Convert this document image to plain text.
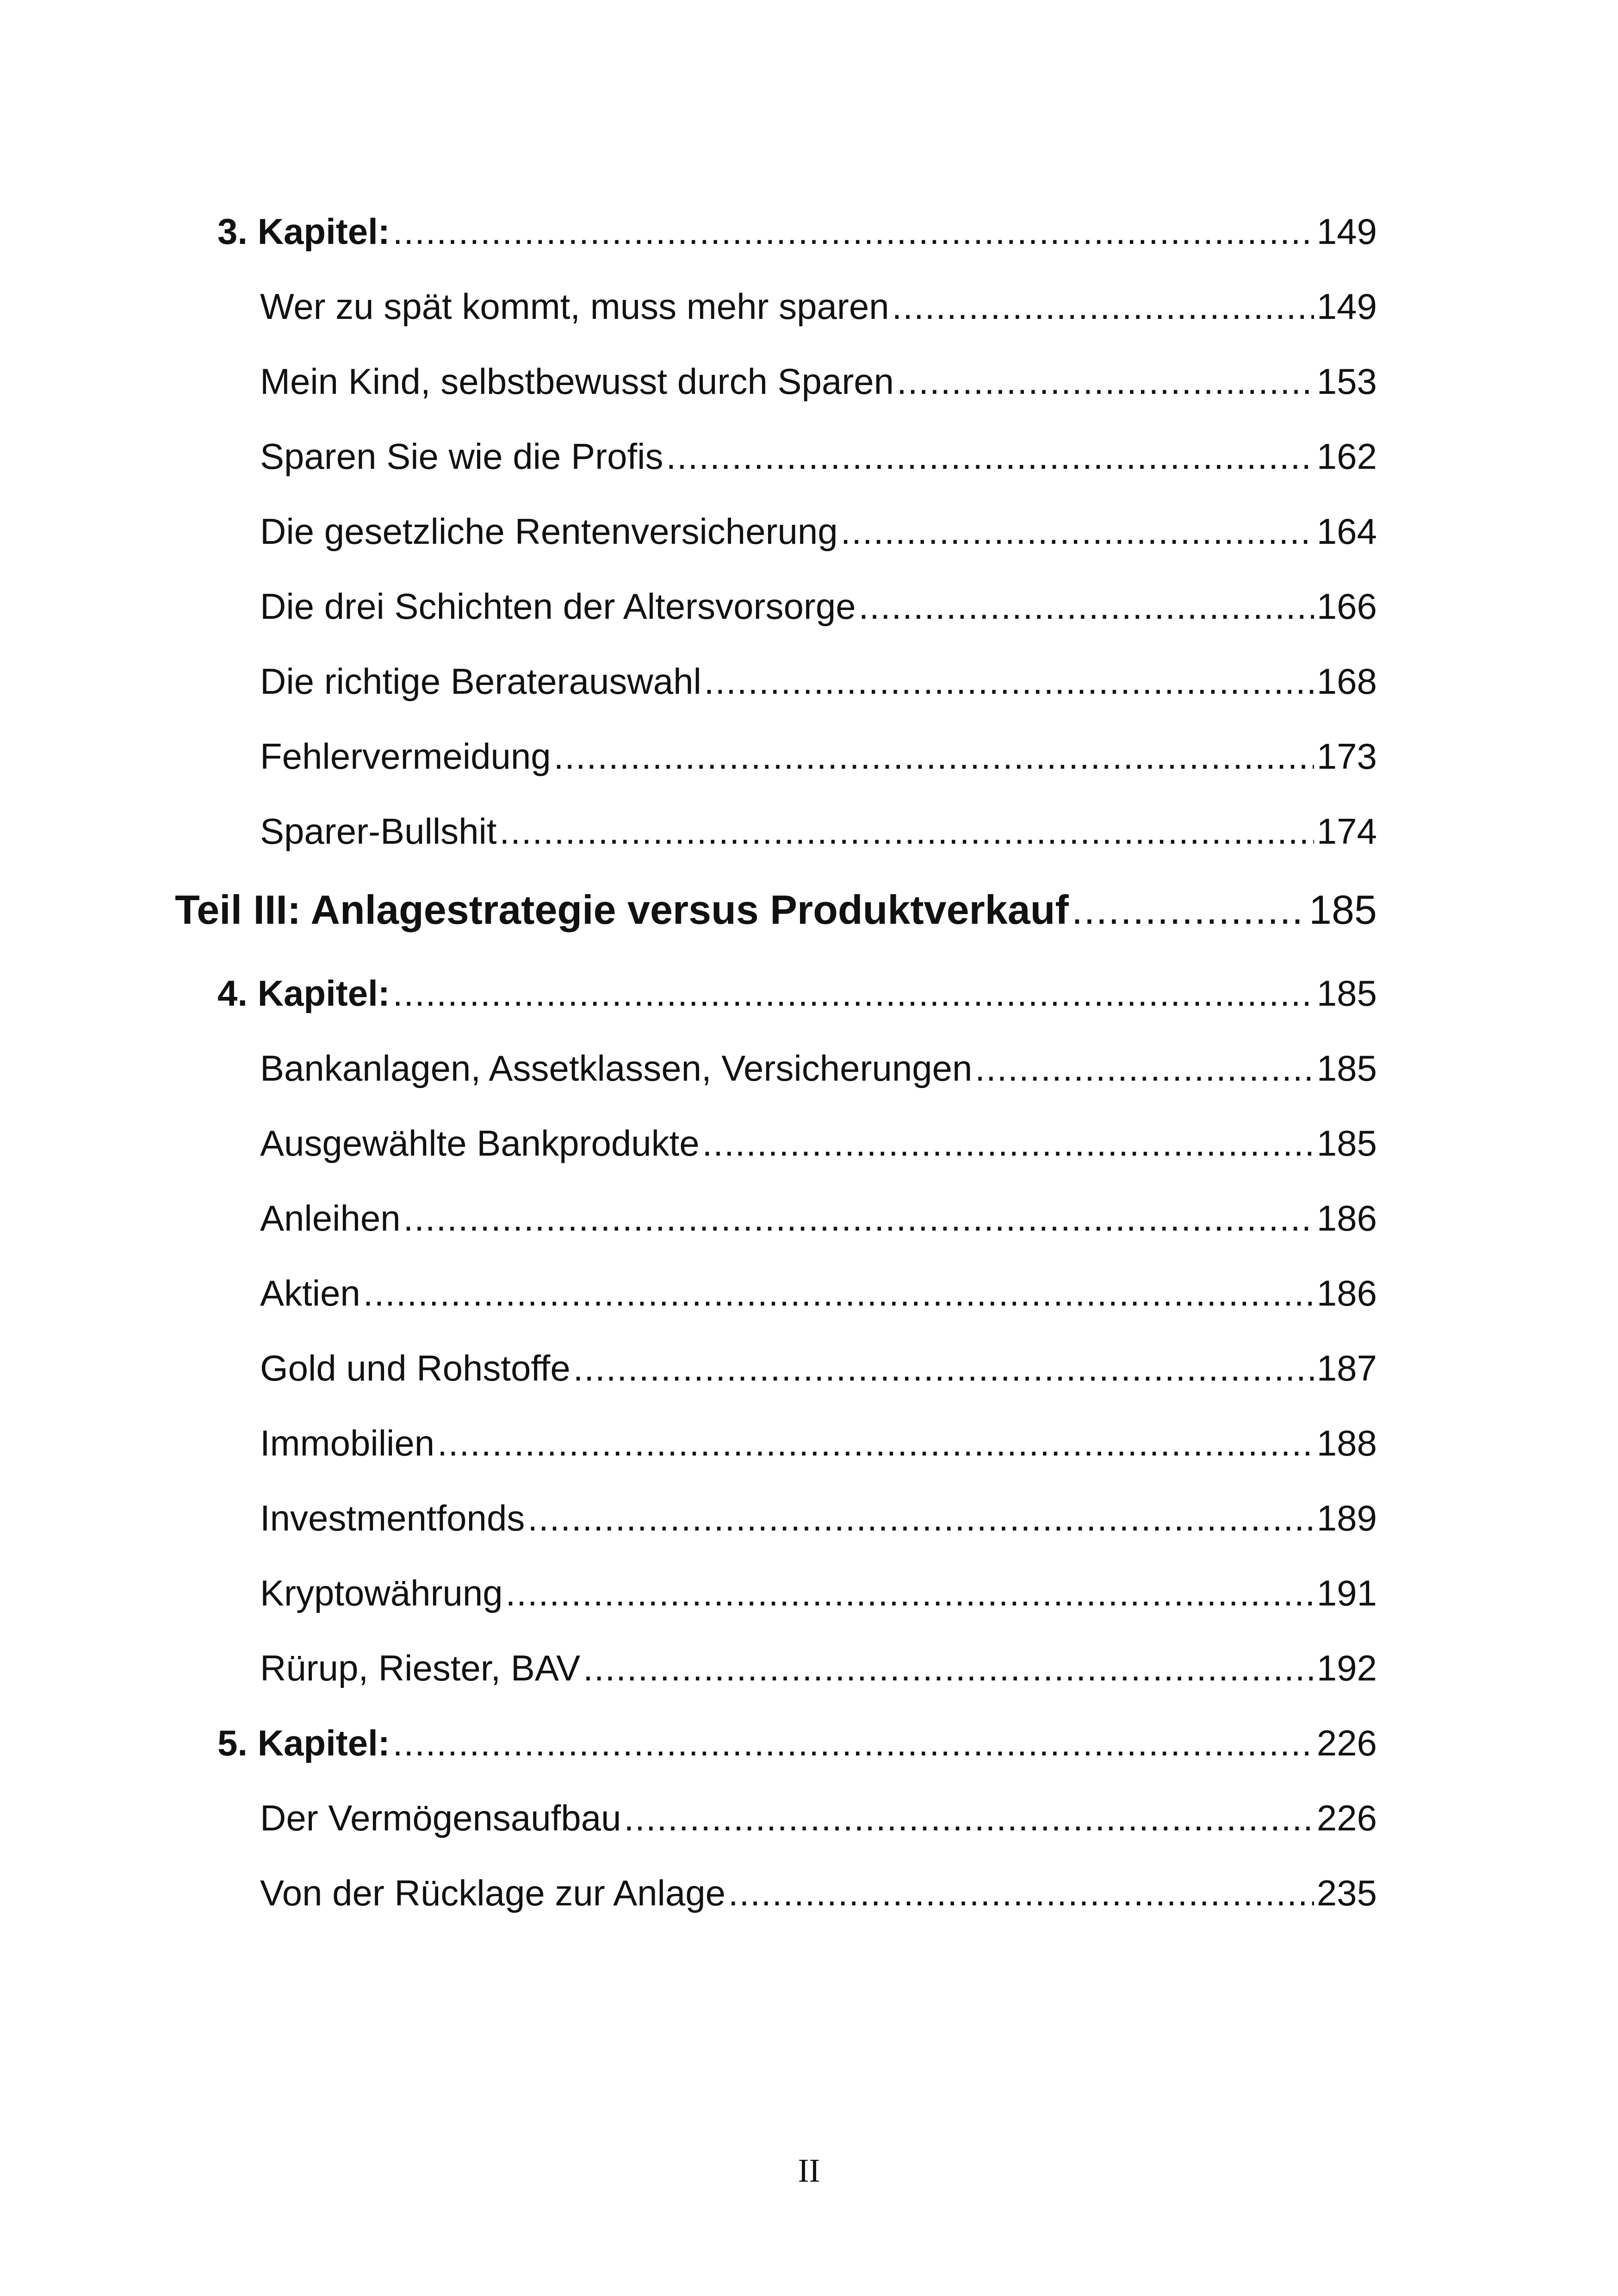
3. Kapitel: .....	149
Wer zu spät kommt, muss mehr sparen .....	149
Mein Kind, selbstbewusst durch Sparen .....	153
Sparen Sie wie die Profis .....	162
Die gesetzliche Rentenversicherung .....	164
Die drei Schichten der Altersvorsorge .....	166
Die richtige Beraterauswahl .....	168
Fehlervermeidung .....	173
Sparer-Bullshit .....	174
Teil III: Anlagestrategie versus Produktverkauf .....	185
4. Kapitel: .....	185
Bankanlagen, Assetklassen, Versicherungen .....	185
Ausgewählte Bankprodukte .....	185
Anleihen .....	186
Aktien .....	186
Gold und Rohstoffe .....	187
Immobilien .....	188
Investmentfonds .....	189
Kryptowährung .....	191
Rürup, Riester, BAV .....	192
5. Kapitel: .....	226
Der Vermögensaufbau .....	226
Von der Rücklage zur Anlage .....	235
II
